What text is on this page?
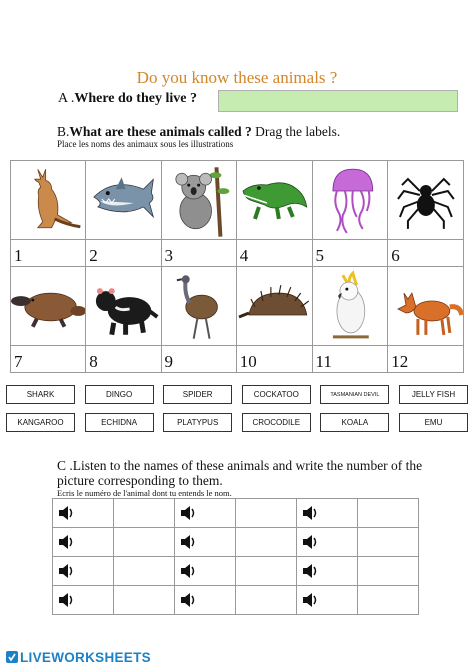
Do you know these animals ?
A .Where do they live ?
B.What are these animals called ? Drag the labels.
Place les noms des animaux sous les illustrations

1	2	3	4	5	6

7	8	9	10	11	12
SHARK	DINGO	SPIDER	COCKATOO	TASMANIAN DEVIL	JELLY FISH
KANGAROO	ECHIDNA	PLATYPUS	CROCODILE	KOALA	EMU
C .Listen to the names of these animals and write the number of the picture corresponding to them.
Ecris le numéro de l'animal dont tu entends le nom.

LIVEWORKSHEETS
